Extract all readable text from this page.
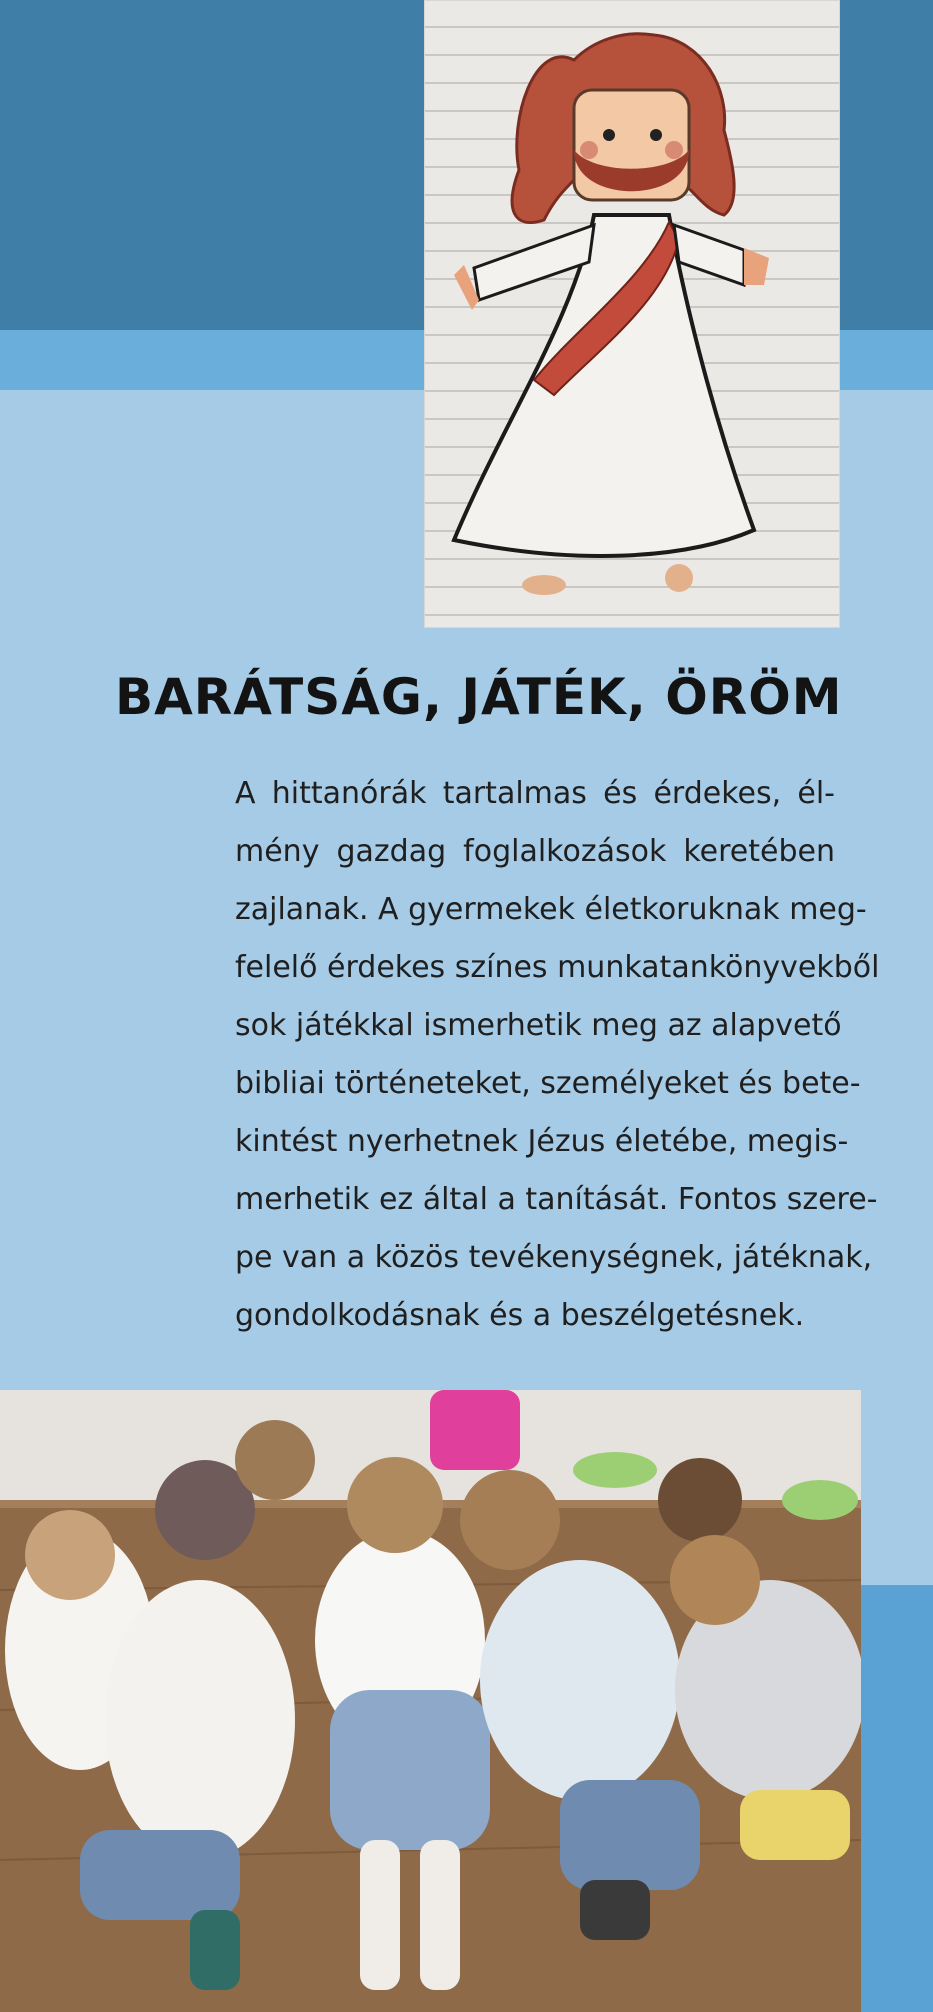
BARÁTSÁG, JÁTÉK, ÖRÖM

A hittanórák tartalmas és érdekes, él-
mény gazdag foglalkozások keretében
zajlanak. A gyermekek életkoruknak meg-
felelő érdekes színes munkatankönyvekből
sok játékkal ismerhetik meg az alapvető
bibliai történeteket, személyeket és bete-
kintést nyerhetnek Jézus életébe, megis-
merhetik ez által a tanítását. Fontos szere-
pe van a közös tevékenységnek, játéknak,
gondolkodásnak és a beszélgetésnek.
